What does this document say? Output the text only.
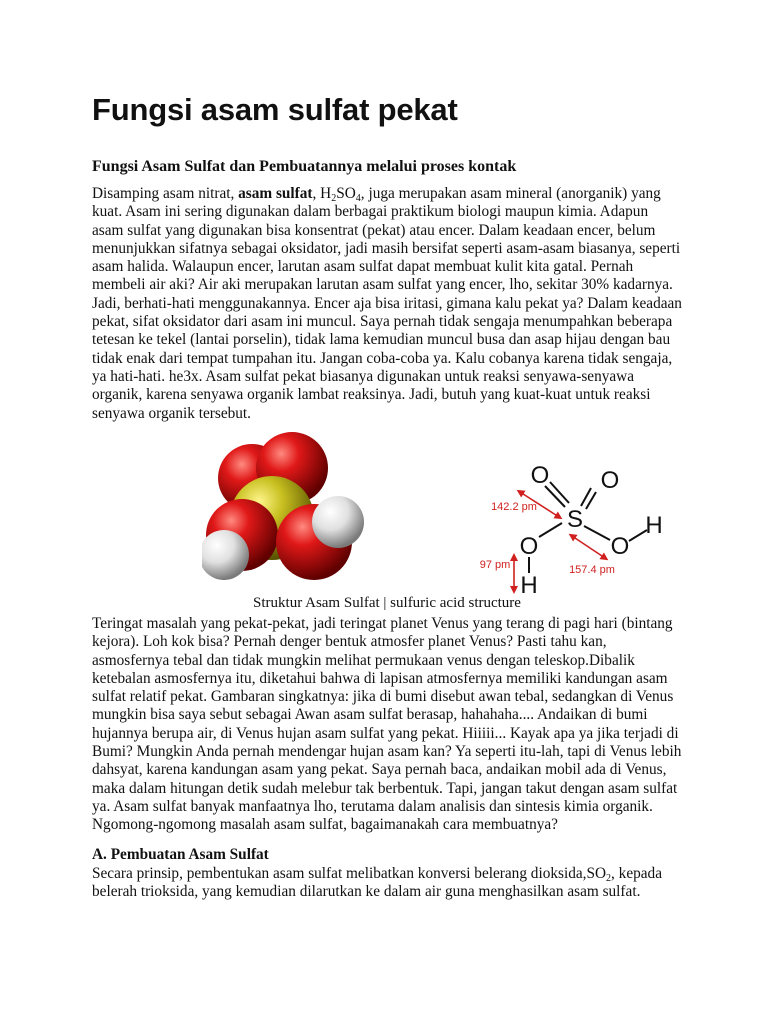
Fungsi asam sulfat pekat

Fungsi Asam Sulfat dan Pembuatannya melalui proses kontak

Disamping asam nitrat, asam sulfat, $H_2SO_4$, juga merupakan asam mineral (anorganik) yang kuat. Asam ini sering digunakan dalam berbagai praktikum biologi maupun kimia. Adapun asam sulfat yang digunakan bisa konsentrat (pekat) atau encer. Dalam keadaan encer, belum menunjukkan sifatnya sebagai oksidator, jadi masih bersifat seperti asam-asam biasanya, seperti asam halida. Walaupun encer, larutan asam sulfat dapat membuat kulit kita gatal. Pernah membeli air aki? Air aki merupakan larutan asam sulfat yang encer, lho, sekitar 30% kadarnya. Jadi, berhati-hati menggunakannya. Encer aja bisa iritasi, gimana kalu pekat ya? Dalam keadaan pekat, sifat oksidator dari asam ini muncul. Saya pernah tidak sengaja menumpahkan beberapa tetesan ke tekel (lantai porselin), tidak lama kemudian muncul busa dan asap hijau dengan bau tidak enak dari tempat tumpahan itu. Jangan coba-coba ya. Kalu cobanya karena tidak sengaja, ya hati-hati. he3x. Asam sulfat pekat biasanya digunakan untuk reaksi senyawa-senyawa organik, karena senyawa organik lambat reaksinya. Jadi, butuh yang kuat-kuat untuk reaksi senyawa organik tersebut.

O O
S
O
H
O
H
142.2 pm
97 pm	157.4 pm
Struktur Asam Sulfat | sulfuric acid structure

Teringat masalah yang pekat-pekat, jadi teringat planet Venus yang terang di pagi hari (bintang kejora). Loh kok bisa? Pernah denger bentuk atmosfer planet Venus? Pasti tahu kan, asmosfernya tebal dan tidak mungkin melihat permukaan venus dengan teleskop.Dibalik ketebalan asmosfernya itu, diketahui bahwa di lapisan atmosfernya memiliki kandungan asam sulfat relatif pekat. Gambaran singkatnya: jika di bumi disebut awan tebal, sedangkan di Venus mungkin bisa saya sebut sebagai Awan asam sulfat berasap, hahahaha.... Andaikan di bumi hujannya berupa air, di Venus hujan asam sulfat yang pekat. Hiiiii... Kayak apa ya jika terjadi di Bumi? Mungkin Anda pernah mendengar hujan asam kan? Ya seperti itu-lah, tapi di Venus lebih dahsyat, karena kandungan asam yang pekat. Saya pernah baca, andaikan mobil ada di Venus, maka dalam hitungan detik sudah melebur tak berbentuk. Tapi, jangan takut dengan asam sulfat ya. Asam sulfat banyak manfaatnya lho, terutama dalam analisis dan sintesis kimia organik. Ngomong-ngomong masalah asam sulfat, bagaimanakah cara membuatnya?

A. Pembuatan Asam Sulfat

Secara prinsip, pembentukan asam sulfat melibatkan konversi belerang $dioksida,SO_2$, kepada belerah trioksida, yang kemudian dilarutkan ke dalam air guna menghasilkan asam sulfat.
